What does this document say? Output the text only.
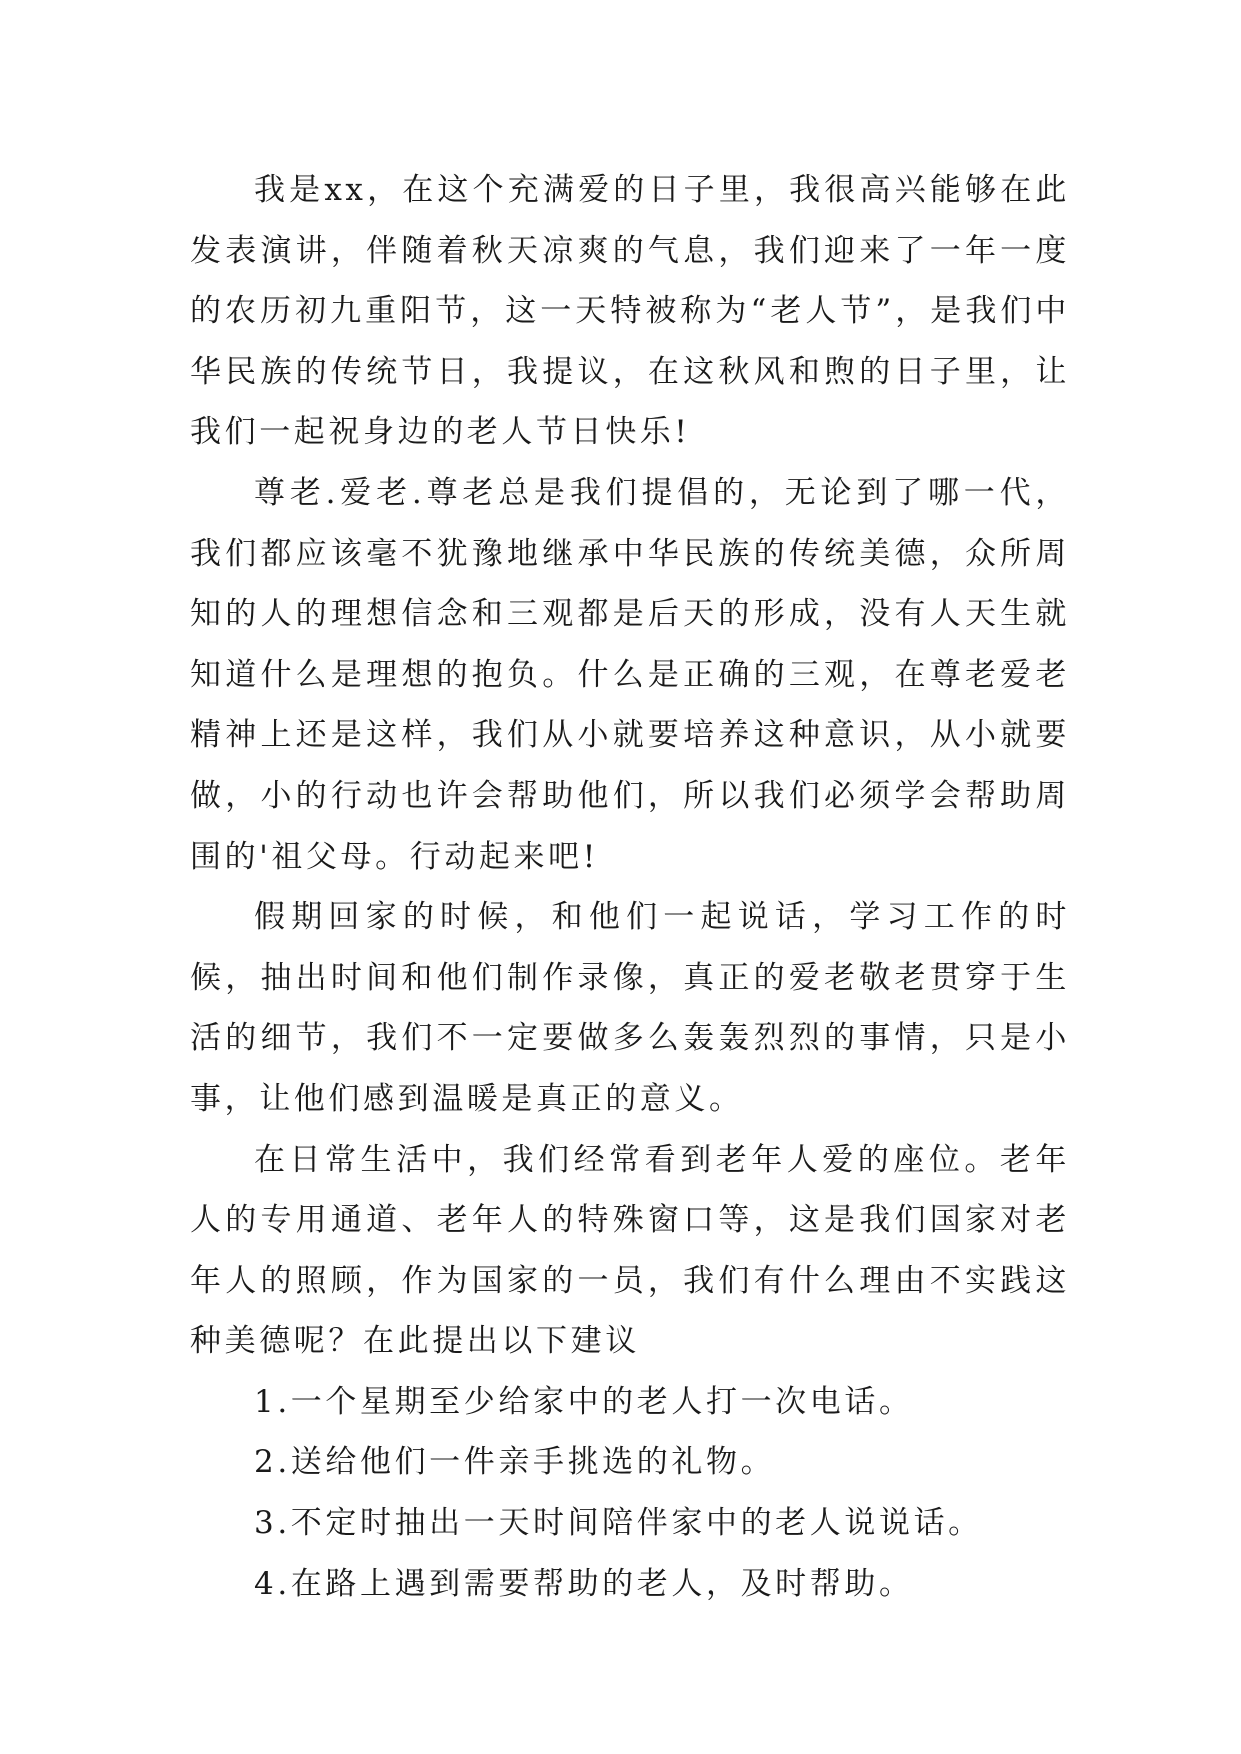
我是xx，在这个充满爱的日子里，我很高兴能够在此发表演讲，伴随着秋天凉爽的气息，我们迎来了一年一度的农历初九重阳节，这一天特被称为“老人节”，是我们中华民族的传统节日，我提议，在这秋风和煦的日子里，让我们一起祝身边的老人节日快乐!

尊老.爱老.尊老总是我们提倡的，无论到了哪一代，我们都应该毫不犹豫地继承中华民族的传统美德，众所周知的人的理想信念和三观都是后天的形成，没有人天生就知道什么是理想的抱负。什么是正确的三观，在尊老爱老精神上还是这样，我们从小就要培养这种意识，从小就要做，小的行动也许会帮助他们，所以我们必须学会帮助周围的'祖父母。行动起来吧!

假期回家的时候，和他们一起说话，学习工作的时候，抽出时间和他们制作录像，真正的爱老敬老贯穿于生活的细节，我们不一定要做多么轰轰烈烈的事情，只是小事，让他们感到温暖是真正的意义。

在日常生活中，我们经常看到老年人爱的座位。老年人的专用通道、老年人的特殊窗口等，这是我们国家对老年人的照顾，作为国家的一员，我们有什么理由不实践这种美德呢？在此提出以下建议

1.一个星期至少给家中的老人打一次电话。

2.送给他们一件亲手挑选的礼物。

3.不定时抽出一天时间陪伴家中的老人说说话。

4.在路上遇到需要帮助的老人，及时帮助。
